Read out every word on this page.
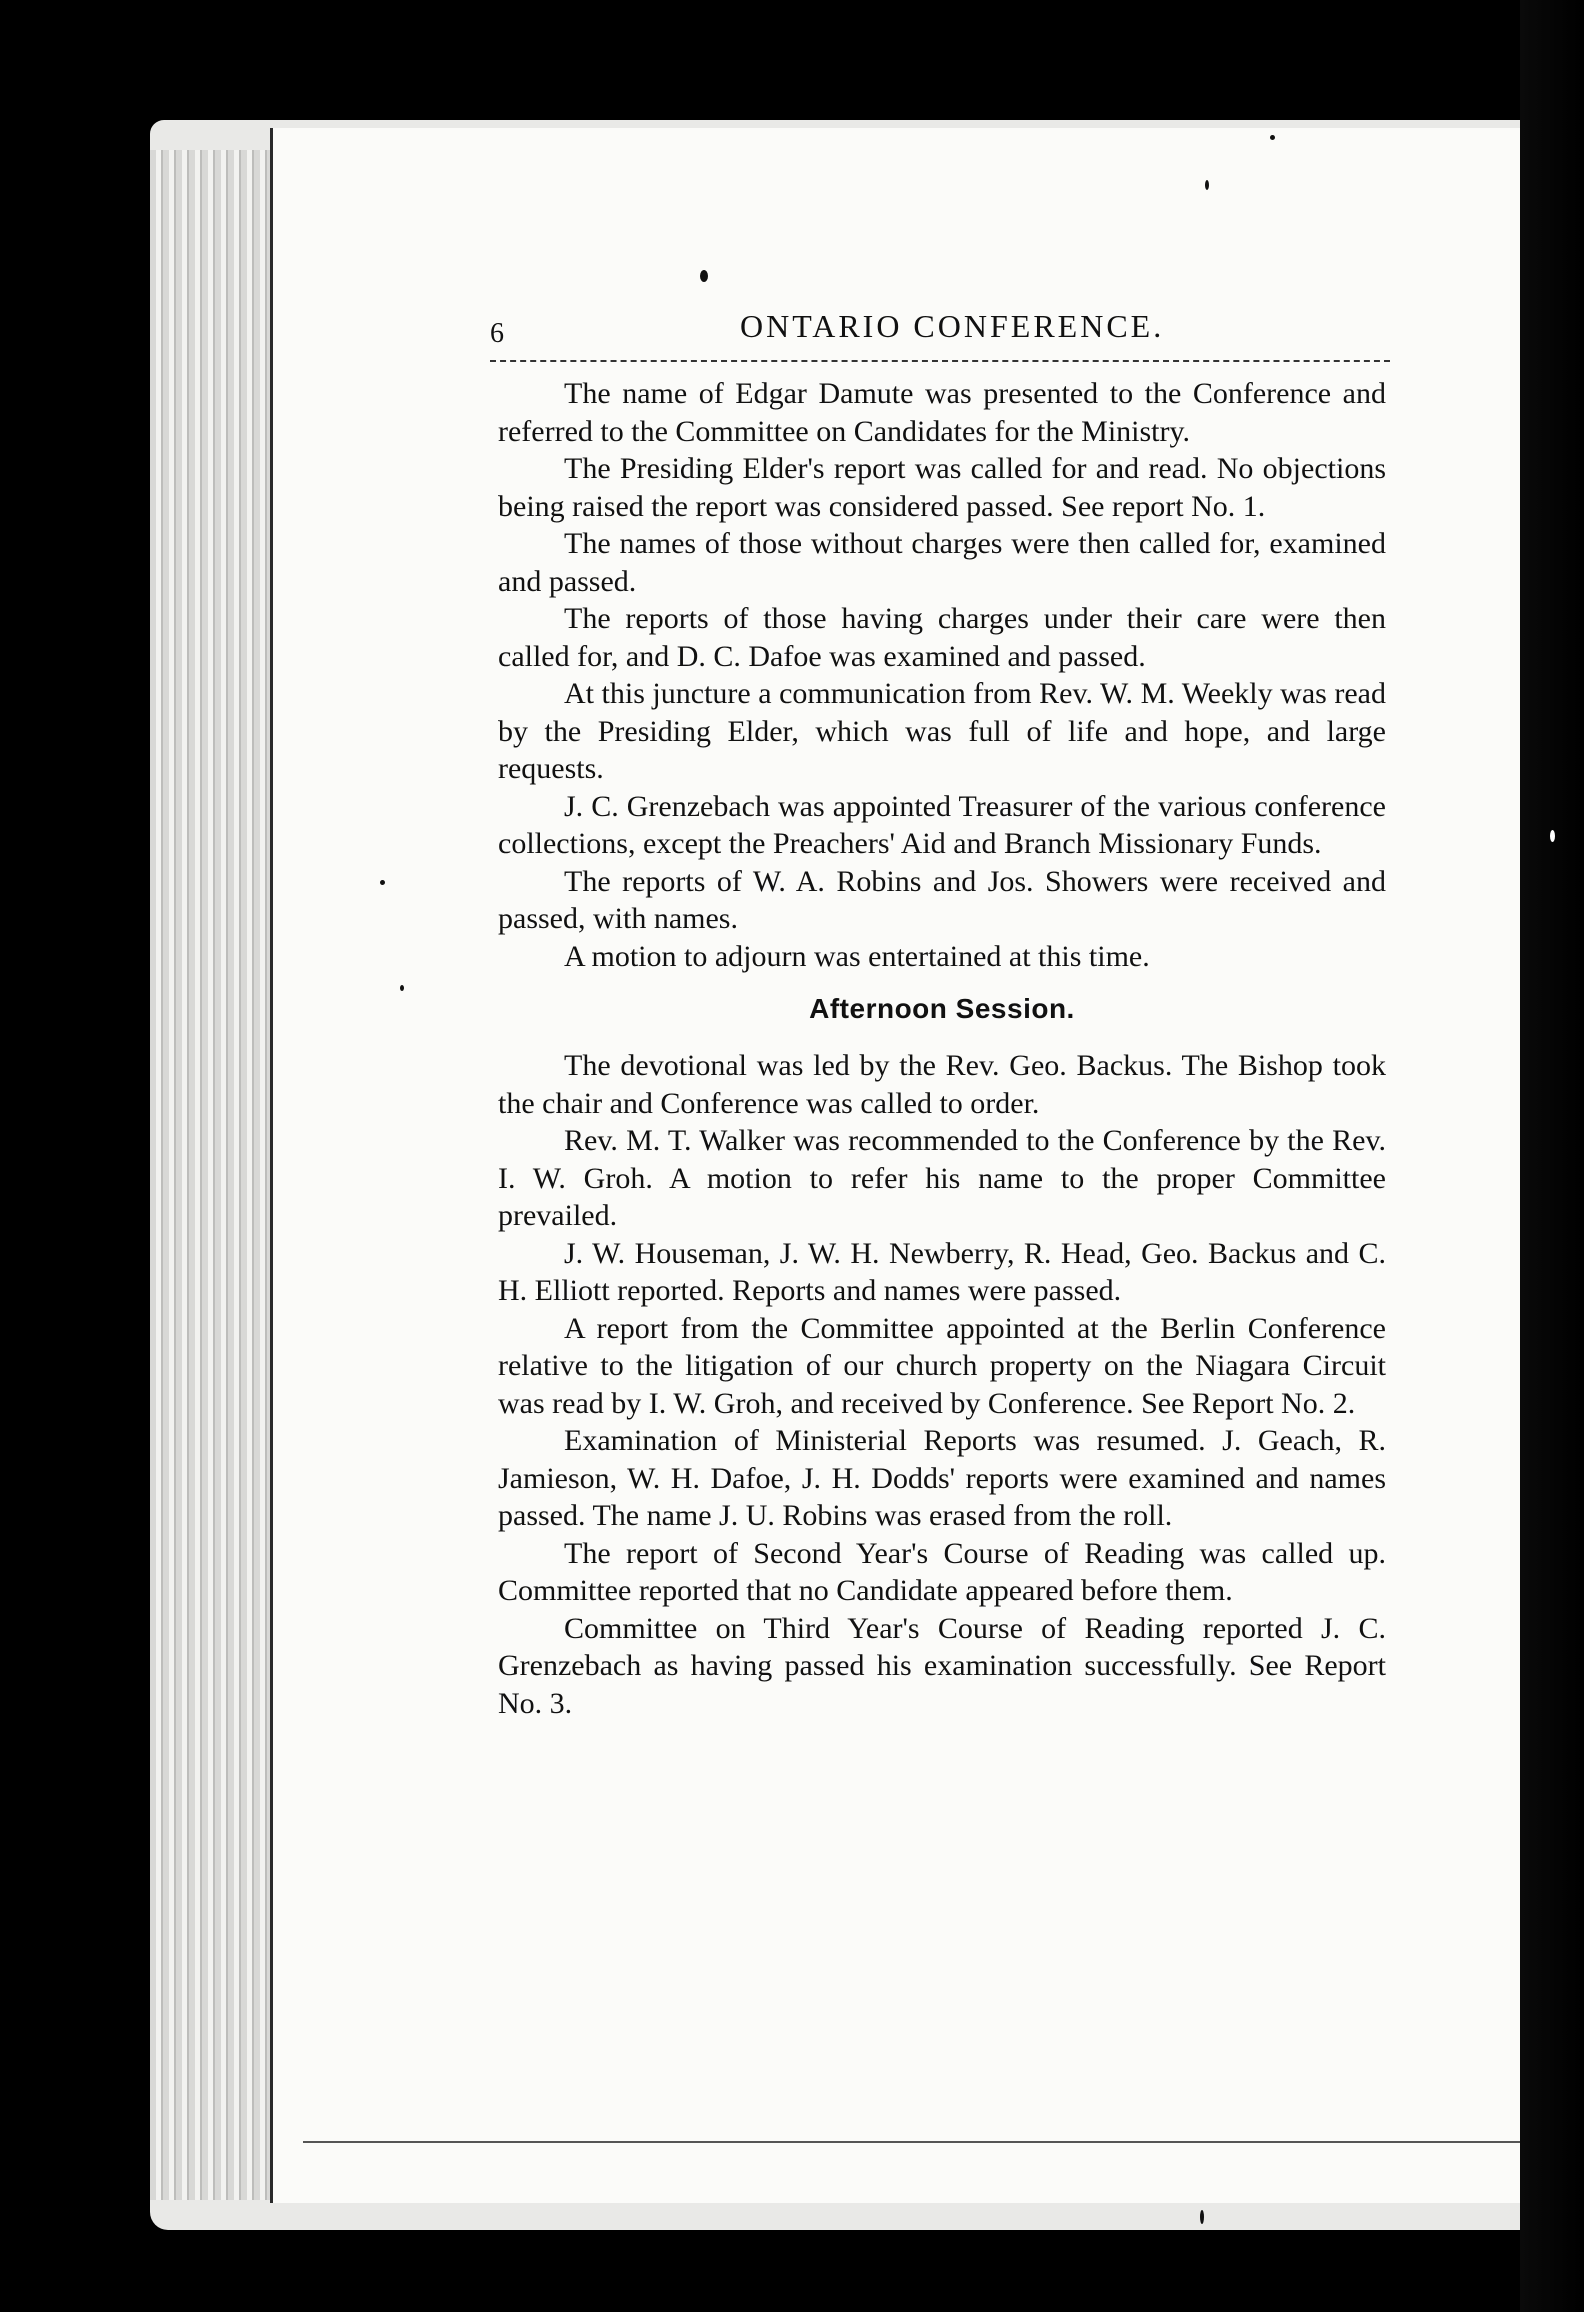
6	ONTARIO CONFERENCE.

The name of Edgar Damute was presented to the Conference and referred to the Committee on Candidates for the Ministry.

The Presiding Elder's report was called for and read. No objections being raised the report was considered passed. See report No. 1.

The names of those without charges were then called for, examined and passed.

The reports of those having charges under their care were then called for, and D. C. Dafoe was examined and passed.

At this juncture a communication from Rev. W. M. Weekly was read by the Presiding Elder, which was full of life and hope, and large requests.

J. C. Grenzebach was appointed Treasurer of the various conference collections, except the Preachers' Aid and Branch Missionary Funds.

The reports of W. A. Robins and Jos. Showers were received and passed, with names.

A motion to adjourn was entertained at this time.

Afternoon Session.

The devotional was led by the Rev. Geo. Backus. The Bishop took the chair and Conference was called to order.

Rev. M. T. Walker was recommended to the Conference by the Rev. I. W. Groh. A motion to refer his name to the proper Committee prevailed.

J. W. Houseman, J. W. H. Newberry, R. Head, Geo. Backus and C. H. Elliott reported. Reports and names were passed.

A report from the Committee appointed at the Berlin Conference relative to the litigation of our church property on the Niagara Circuit was read by I. W. Groh, and received by Conference. See Report No. 2.

Examination of Ministerial Reports was resumed. J. Geach, R. Jamieson, W. H. Dafoe, J. H. Dodds' reports were examined and names passed. The name J. U. Robins was erased from the roll.

The report of Second Year's Course of Reading was called up. Committee reported that no Candidate appeared before them.

Committee on Third Year's Course of Reading reported J. C. Grenzebach as having passed his examination successfully. See Report No. 3.
